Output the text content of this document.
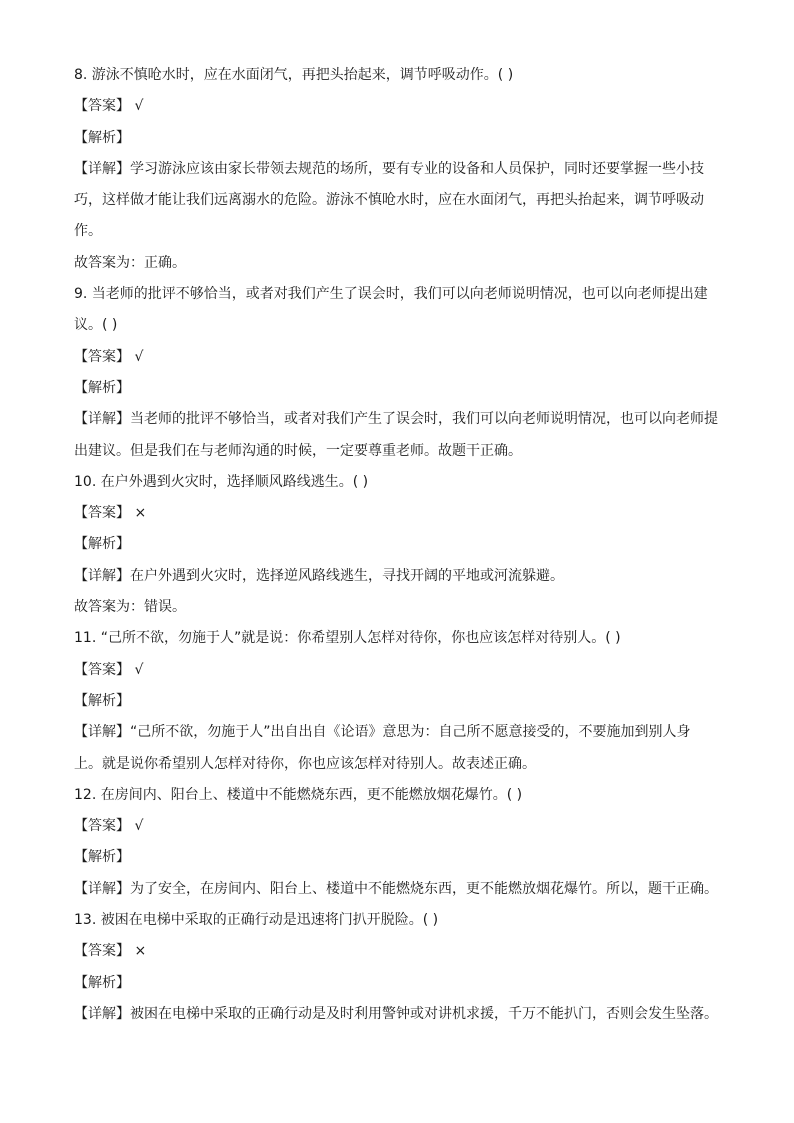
8. 游泳不慎呛水时，应在水面闭气，再把头抬起来，调节呼吸动作。( )
【答案】 √
【解析】
【详解】学习游泳应该由家长带领去规范的场所，要有专业的设备和人员保护，同时还要掌握一些小技
巧，这样做才能让我们远离溺水的危险。游泳不慎呛水时，应在水面闭气，再把头抬起来，调节呼吸动
作。
故答案为：正确。
9. 当老师的批评不够恰当，或者对我们产生了误会时，我们可以向老师说明情况，也可以向老师提出建
议。( )
【答案】 √
【解析】
【详解】当老师的批评不够恰当，或者对我们产生了误会时，我们可以向老师说明情况，也可以向老师提
出建议。但是我们在与老师沟通的时候，一定要尊重老师。故题干正确。
10. 在户外遇到火灾时，选择顺风路线逃生。( )
【答案】 ×
【解析】
【详解】在户外遇到火灾时，选择逆风路线逃生，寻找开阔的平地或河流躲避。
故答案为：错误。
11. “己所不欲，勿施于人”就是说：你希望别人怎样对待你，你也应该怎样对待别人。( )
【答案】 √
【解析】
【详解】“己所不欲，勿施于人”出自出自《论语》意思为：自己所不愿意接受的，不要施加到别人身
上。就是说你希望别人怎样对待你，你也应该怎样对待别人。故表述正确。
12. 在房间内、阳台上、楼道中不能燃烧东西，更不能燃放烟花爆竹。( )
【答案】 √
【解析】
【详解】为了安全，在房间内、阳台上、楼道中不能燃烧东西，更不能燃放烟花爆竹。所以，题干正确。
13. 被困在电梯中采取的正确行动是迅速将门扒开脱险。( )
【答案】 ×
【解析】
【详解】被困在电梯中采取的正确行动是及时利用警钟或对讲机求援，千万不能扒门，否则会发生坠落。
